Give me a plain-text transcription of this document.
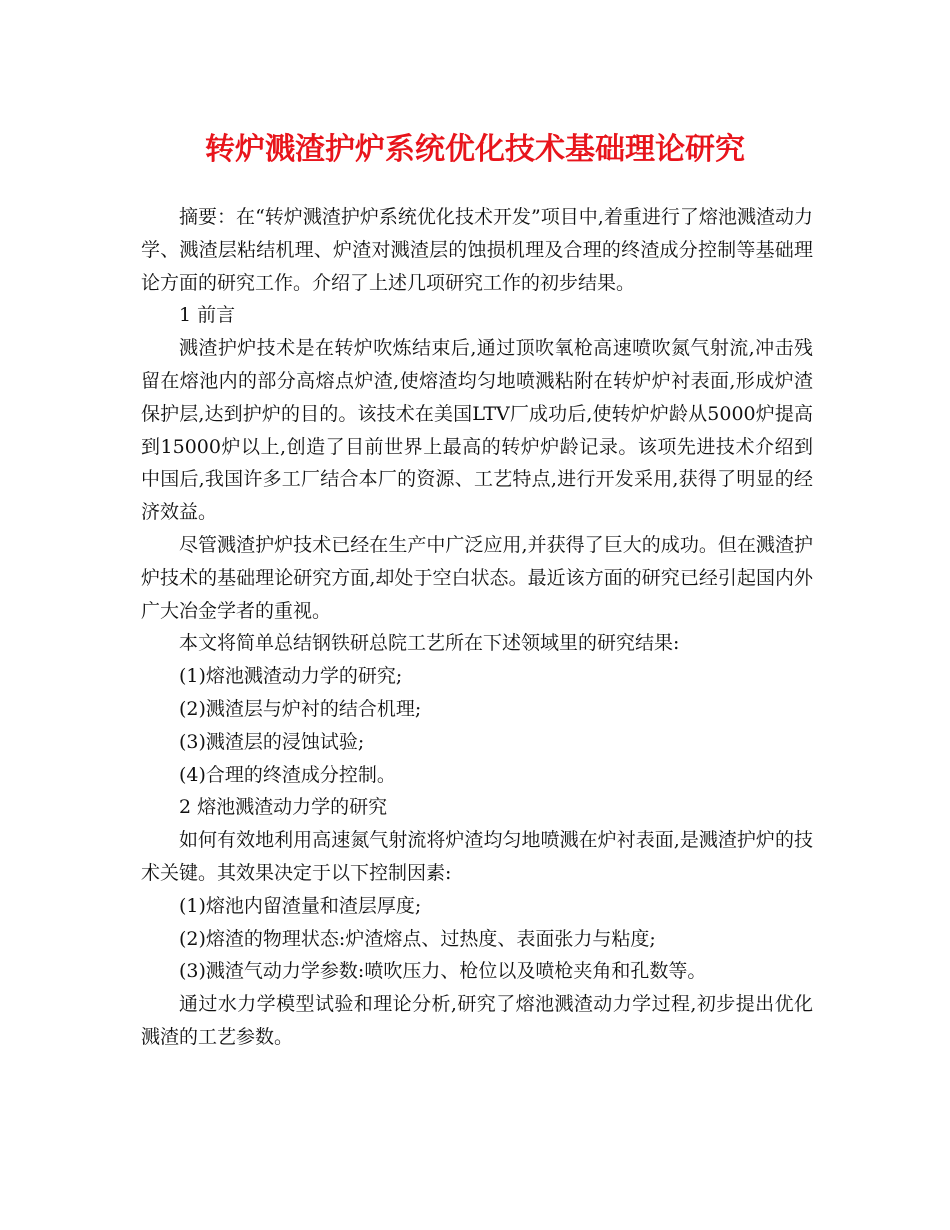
转炉溅渣护炉系统优化技术基础理论研究

摘要：在“转炉溅渣护炉系统优化技术开发”项目中,着重进行了熔池溅渣动力学、溅渣层粘结机理、炉渣对溅渣层的蚀损机理及合理的终渣成分控制等基础理论方面的研究工作。介绍了上述几项研究工作的初步结果。

1 前言

溅渣护炉技术是在转炉吹炼结束后,通过顶吹氧枪高速喷吹氮气射流,冲击残留在熔池内的部分高熔点炉渣,使熔渣均匀地喷溅粘附在转炉炉衬表面,形成炉渣保护层,达到护炉的目的。该技术在美国LTV厂成功后,使转炉炉龄从5000炉提高到15000炉以上,创造了目前世界上最高的转炉炉龄记录。该项先进技术介绍到中国后,我国许多工厂结合本厂的资源、工艺特点,进行开发采用,获得了明显的经济效益。

尽管溅渣护炉技术已经在生产中广泛应用,并获得了巨大的成功。但在溅渣护炉技术的基础理论研究方面,却处于空白状态。最近该方面的研究已经引起国内外广大冶金学者的重视。

本文将简单总结钢铁研总院工艺所在下述领域里的研究结果:

(1)熔池溅渣动力学的研究;

(2)溅渣层与炉衬的结合机理;

(3)溅渣层的浸蚀试验;

(4)合理的终渣成分控制。

2 熔池溅渣动力学的研究

如何有效地利用高速氮气射流将炉渣均匀地喷溅在炉衬表面,是溅渣护炉的技术关键。其效果决定于以下控制因素:

(1)熔池内留渣量和渣层厚度;

(2)熔渣的物理状态:炉渣熔点、过热度、表面张力与粘度;

(3)溅渣气动力学参数:喷吹压力、枪位以及喷枪夹角和孔数等。

通过水力学模型试验和理论分析,研究了熔池溅渣动力学过程,初步提出优化溅渣的工艺参数。
